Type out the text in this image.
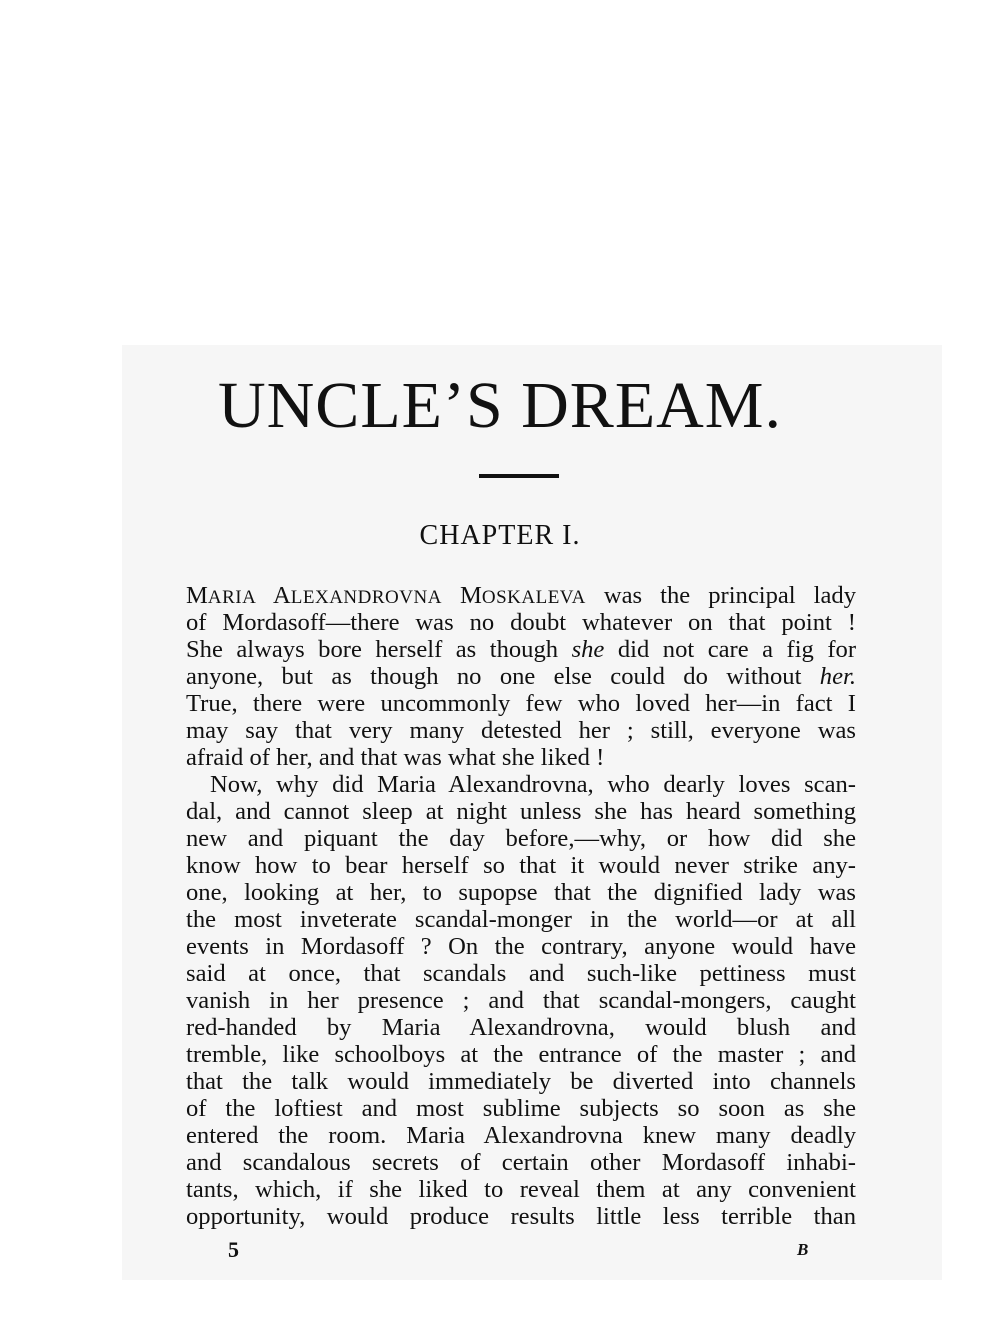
UNCLE’S DREAM.
CHAPTER I.
MARIA ALEXANDROVNA MOSKALEVA was the principal lady
of Mordasoff—there was no doubt whatever on that point !
She always bore herself as though she did not care a fig for
anyone, but as though no one else could do without her.
True, there were uncommonly few who loved her—in fact I
may say that very many detested her ; still, everyone was
afraid of her, and that was what she liked !
Now, why did Maria Alexandrovna, who dearly loves scan-
dal, and cannot sleep at night unless she has heard something
new and piquant the day before,—why, or how did she
know how to bear herself so that it would never strike any-
one, looking at her, to supopse that the dignified lady was
the most inveterate scandal-monger in the world—or at all
events in Mordasoff ? On the contrary, anyone would have
said at once, that scandals and such-like pettiness must
vanish in her presence ; and that scandal-mongers, caught
red-handed by Maria Alexandrovna, would blush and
tremble, like schoolboys at the entrance of the master ; and
that the talk would immediately be diverted into channels
of the loftiest and most sublime subjects so soon as she
entered the room. Maria Alexandrovna knew many deadly
and scandalous secrets of certain other Mordasoff inhabi-
tants, which, if she liked to reveal them at any convenient
opportunity, would produce results little less terrible than
5	B
